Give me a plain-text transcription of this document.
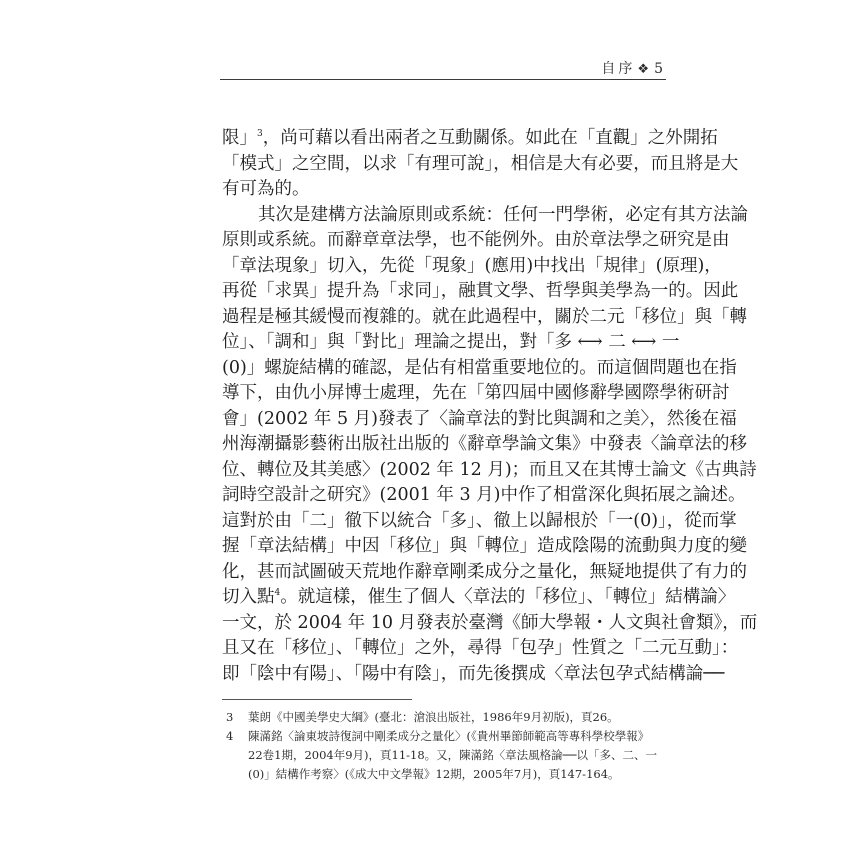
自序 ❖ 5
限」$^3$，尚可藉以看出兩者之互動關係。如此在「直觀」之外開拓
「模式」之空間，以求「有理可說」，相信是大有必要，而且將是大
有可為的。
其次是建構方法論原則或系統：任何一門學術，必定有其方法論
原則或系統。而辭章章法學，也不能例外。由於章法學之研究是由
「章法現象」切入，先從「現象」(應用)中找出「規律」(原理)，
再從「求異」提升為「求同」，融貫文學、哲學與美學為一的。因此
過程是極其緩慢而複雜的。就在此過程中，關於二元「移位」與「轉
位」、「調和」與「對比」理論之提出，對「多 ⟷ 二 ⟷ 一
(0)」螺旋結構的確認，是佔有相當重要地位的。而這個問題也在指
導下，由仇小屏博士處理，先在「第四屆中國修辭學國際學術研討
會」(2002 年 5 月)發表了〈論章法的對比與調和之美〉，然後在福
州海潮攝影藝術出版社出版的《辭章學論文集》中發表〈論章法的移
位、轉位及其美感〉(2002 年 12 月)；而且又在其博士論文《古典詩
詞時空設計之研究》(2001 年 3 月)中作了相當深化與拓展之論述。
這對於由「二」徹下以統合「多」、徹上以歸根於「一(0)」，從而掌
握「章法結構」中因「移位」與「轉位」造成陰陽的流動與力度的變
化，甚而試圖破天荒地作辭章剛柔成分之量化，無疑地提供了有力的
切入點$^4$。就這樣，催生了個人〈章法的「移位」、「轉位」結構論〉
一文，於 2004 年 10 月發表於臺灣《師大學報・人文與社會類》，而
且又在「移位」、「轉位」之外，尋得「包孕」性質之「二元互動」：
即「陰中有陽」、「陽中有陰」，而先後撰成〈章法包孕式結構論──
3 葉朗《中國美學史大綱》(臺北：滄浪出版社，1986年9月初版)，頁26。
4 陳滿銘〈論東坡詩復詞中剛柔成分之量化〉(《貴州畢節師範高等專科學校學報》
22卷1期，2004年9月)，頁11-18。又，陳滿銘〈章法風格論──以「多、二、一
(0)」結構作考察〉(《成大中文學報》12期，2005年7月)，頁147-164。
